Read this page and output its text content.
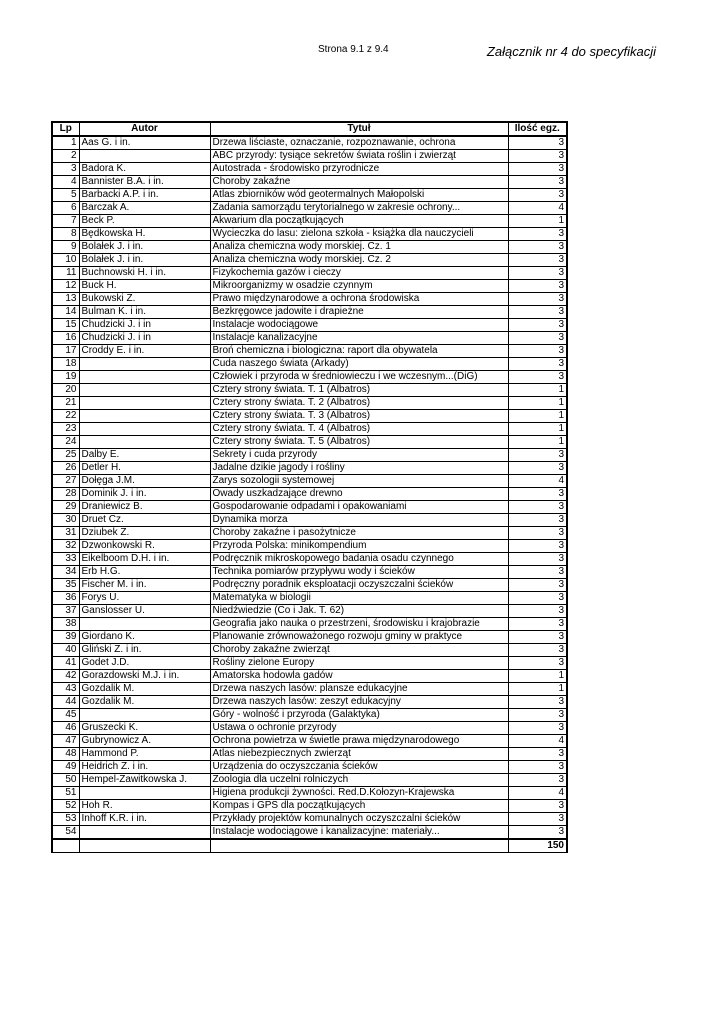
Strona 9.1 z 9.4	Załącznik nr 4 do specyfikacji
Lp	Autor	Tytuł	Ilość egz.
1	Aas G. i in.	Drzewa liściaste, oznaczanie, rozpoznawanie, ochrona	3
2		ABC przyrody: tysiące sekretów świata roślin i zwierząt	3
3	Badora K.	Autostrada - środowisko przyrodnicze	3
4	Bannister B.A. i in.	Choroby zakaźne	3
5	Barbacki A.P. i in.	Atlas zbiorników wód geotermalnych Małopolski	3
6	Barczak A.	Zadania samorządu terytorialnego w zakresie ochrony...	4
7	Beck P.	Akwarium dla początkujących	1
8	Będkowska H.	Wycieczka do lasu: zielona szkoła - książka dla nauczycieli	3
9	Bolałek J. i in.	Analiza chemiczna wody morskiej. Cz. 1	3
10	Bolałek J. i in.	Analiza chemiczna wody morskiej. Cz. 2	3
11	Buchnowski H. i in.	Fizykochemia gazów i cieczy	3
12	Buck H.	Mikroorganizmy w osadzie czynnym	3
13	Bukowski Z.	Prawo międzynarodowe a ochrona środowiska	3
14	Bulman K. i in.	Bezkręgowce jadowite i drapieżne	3
15	Chudzicki J. i in	Instalacje wodociągowe	3
16	Chudzicki J. i in	Instalacje kanalizacyjne	3
17	Croddy E. i in.	Broń chemiczna i biologiczna: raport dla obywatela	3
18		Cuda naszego świata (Arkady)	3
19		Człowiek i przyroda w średniowieczu i we wczesnym...(DiG)	3
20		Cztery strony świata. T. 1 (Albatros)	1
21		Cztery strony świata. T. 2 (Albatros)	1
22		Cztery strony świata. T. 3 (Albatros)	1
23		Cztery strony świata. T. 4 (Albatros)	1
24		Cztery strony świata. T. 5 (Albatros)	1
25	Dalby E.	Sekrety i cuda przyrody	3
26	Detler H.	Jadalne dzikie jagody i rośliny	3
27	Dołęga J.M.	Zarys sozologii systemowej	4
28	Dominik J. i in.	Owady uszkadzające drewno	3
29	Draniewicz B.	Gospodarowanie odpadami i opakowaniami	3
30	Druet Cz.	Dynamika morza	3
31	Dziubek Z.	Choroby zakaźne i pasożytnicze	3
32	Dzwonkowski R.	Przyroda Polska: minikompendium	3
33	Eikelboom D.H. i in.	Podręcznik mikroskopowego badania osadu czynnego	3
34	Erb H.G.	Technika pomiarów przypływu wody i ścieków	3
35	Fischer M. i in.	Podręczny poradnik eksploatacji oczyszczalni ścieków	3
36	Forys U.	Matematyka w biologii	3
37	Ganslosser U.	Niedźwiedzie (Co i Jak. T. 62)	3
38		Geografia jako nauka o przestrzeni, środowisku i krajobrazie	3
39	Giordano K.	Planowanie zrównoważonego rozwoju gminy w praktyce	3
40	Gliński Z. i in.	Choroby zakaźne zwierząt	3
41	Godet J.D.	Rośliny zielone Europy	3
42	Gorazdowski M.J. i in.	Amatorska hodowla gadów	1
43	Gozdalik M.	Drzewa naszych lasów: plansze edukacyjne	1
44	Gozdalik M.	Drzewa naszych lasów: zeszyt edukacyjny	3
45		Góry - wolność i przyroda (Galaktyka)	3
46	Gruszecki K.	Ustawa o ochronie przyrody	3
47	Gubrynowicz A.	Ochrona powietrza w świetle prawa międzynarodowego	4
48	Hammond P.	Atlas niebezpiecznych zwierząt	3
49	Heidrich Z. i in.	Urządzenia do oczyszczania ścieków	3
50	Hempel-Zawitkowska J.	Zoologia dla uczelni rolniczych	3
51		Higiena produkcji żywności. Red.D.Kołozyn-Krajewska	4
52	Hoh R.	Kompas i GPS dla początkujących	3
53	Inhoff K.R. i in.	Przykłady projektów komunalnych oczyszczalni ścieków	3
54		Instalacje wodociągowe i kanalizacyjne: materiały...	3
			150
